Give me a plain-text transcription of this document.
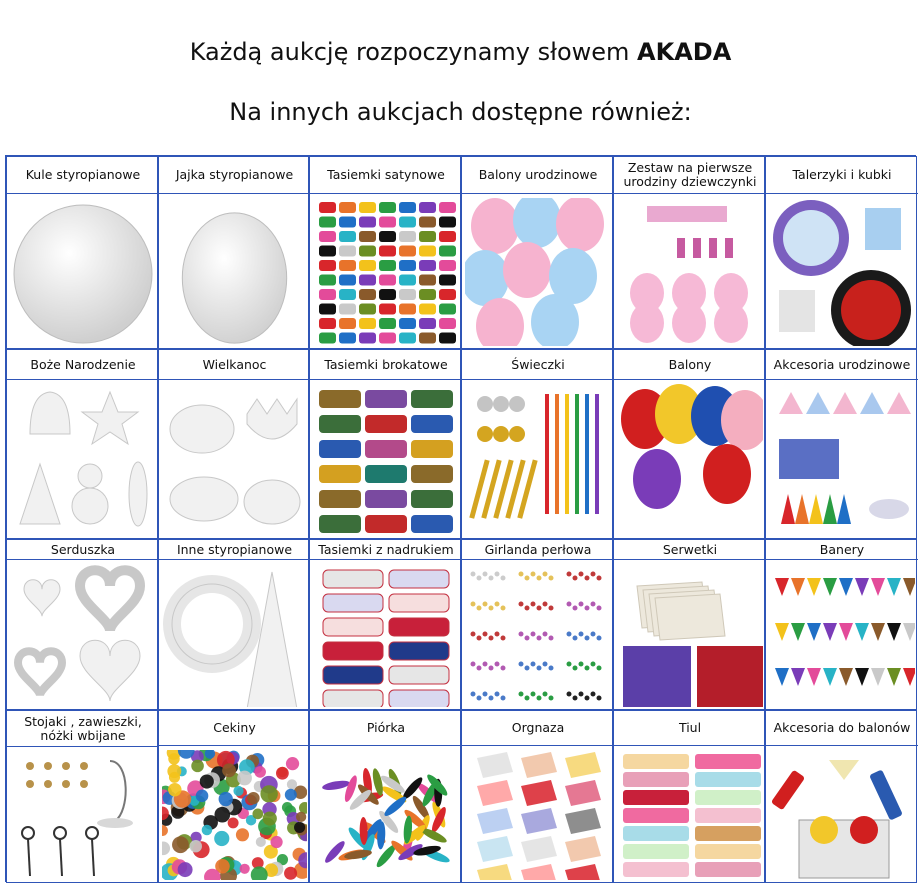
Każdą aukcję rozpoczynamy słowem AKADA
Na innych aukcjach dostępne również:
Kule styropianowe	Jajka styropianowe	Tasiemki satynowe	Balony urodzinowe	Zestaw na pierwsze urodziny dziewczynki	Talerzyki i kubki
Boże Narodzenie	Wielkanoc	Tasiemki brokatowe	Świeczki	Balony	Akcesoria urodzinowe
Serduszka	Inne styropianowe	Tasiemki z nadrukiem	Girlanda perłowa	Serwetki	Banery
Stojaki , zawieszki,
nóżki wbijane	Cekiny	Piórka	Orgnaza	Tiul	Akcesoria do balonów
